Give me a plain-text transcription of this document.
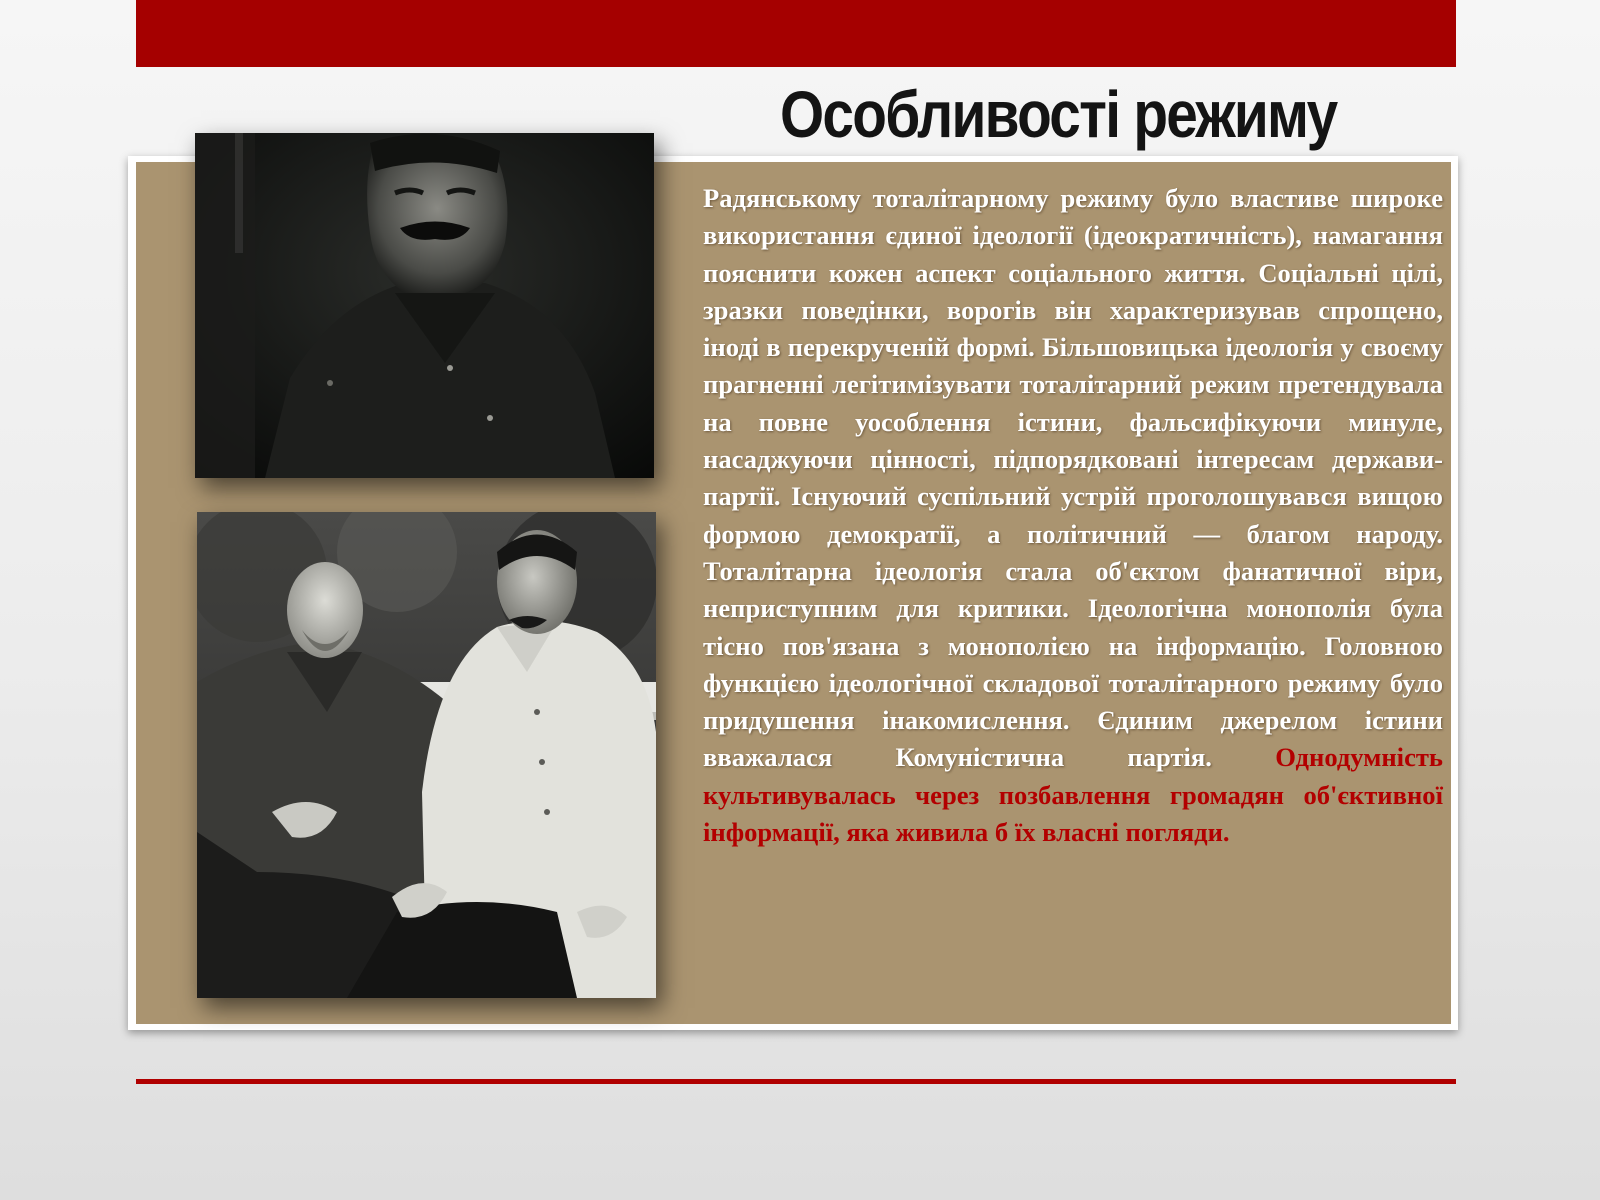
Особливості режиму

Радянському тоталітарному режиму було властиве широке використання єдиної ідеології (ідеократичність), намагання пояснити кожен аспект соціального життя. Соціальні цілі, зразки поведінки, ворогів він характеризував спрощено, іноді в перекрученій формі. Більшовицька ідеологія у своєму прагненні легітимізувати тоталітарний режим претендувала на повне уособлення істини, фальсифікуючи минуле, насаджуючи цінності, підпорядковані інтересам держави-партії. Існуючий суспільний устрій проголошувався вищою формою демократії, а політичний — благом народу. Тоталітарна ідеологія стала об'єктом фанатичної віри, неприступним для критики. Ідеологічна монополія була тісно пов'язана з монополією на інформацію. Головною функцією ідеологічної складової тоталітарного режиму було придушення інакомислення. Єдиним джерелом істини вважалася Комуністична партія. Однодумність культивувалась через позбавлення громадян об'єктивної інформації, яка живила б їх власні погляди.
